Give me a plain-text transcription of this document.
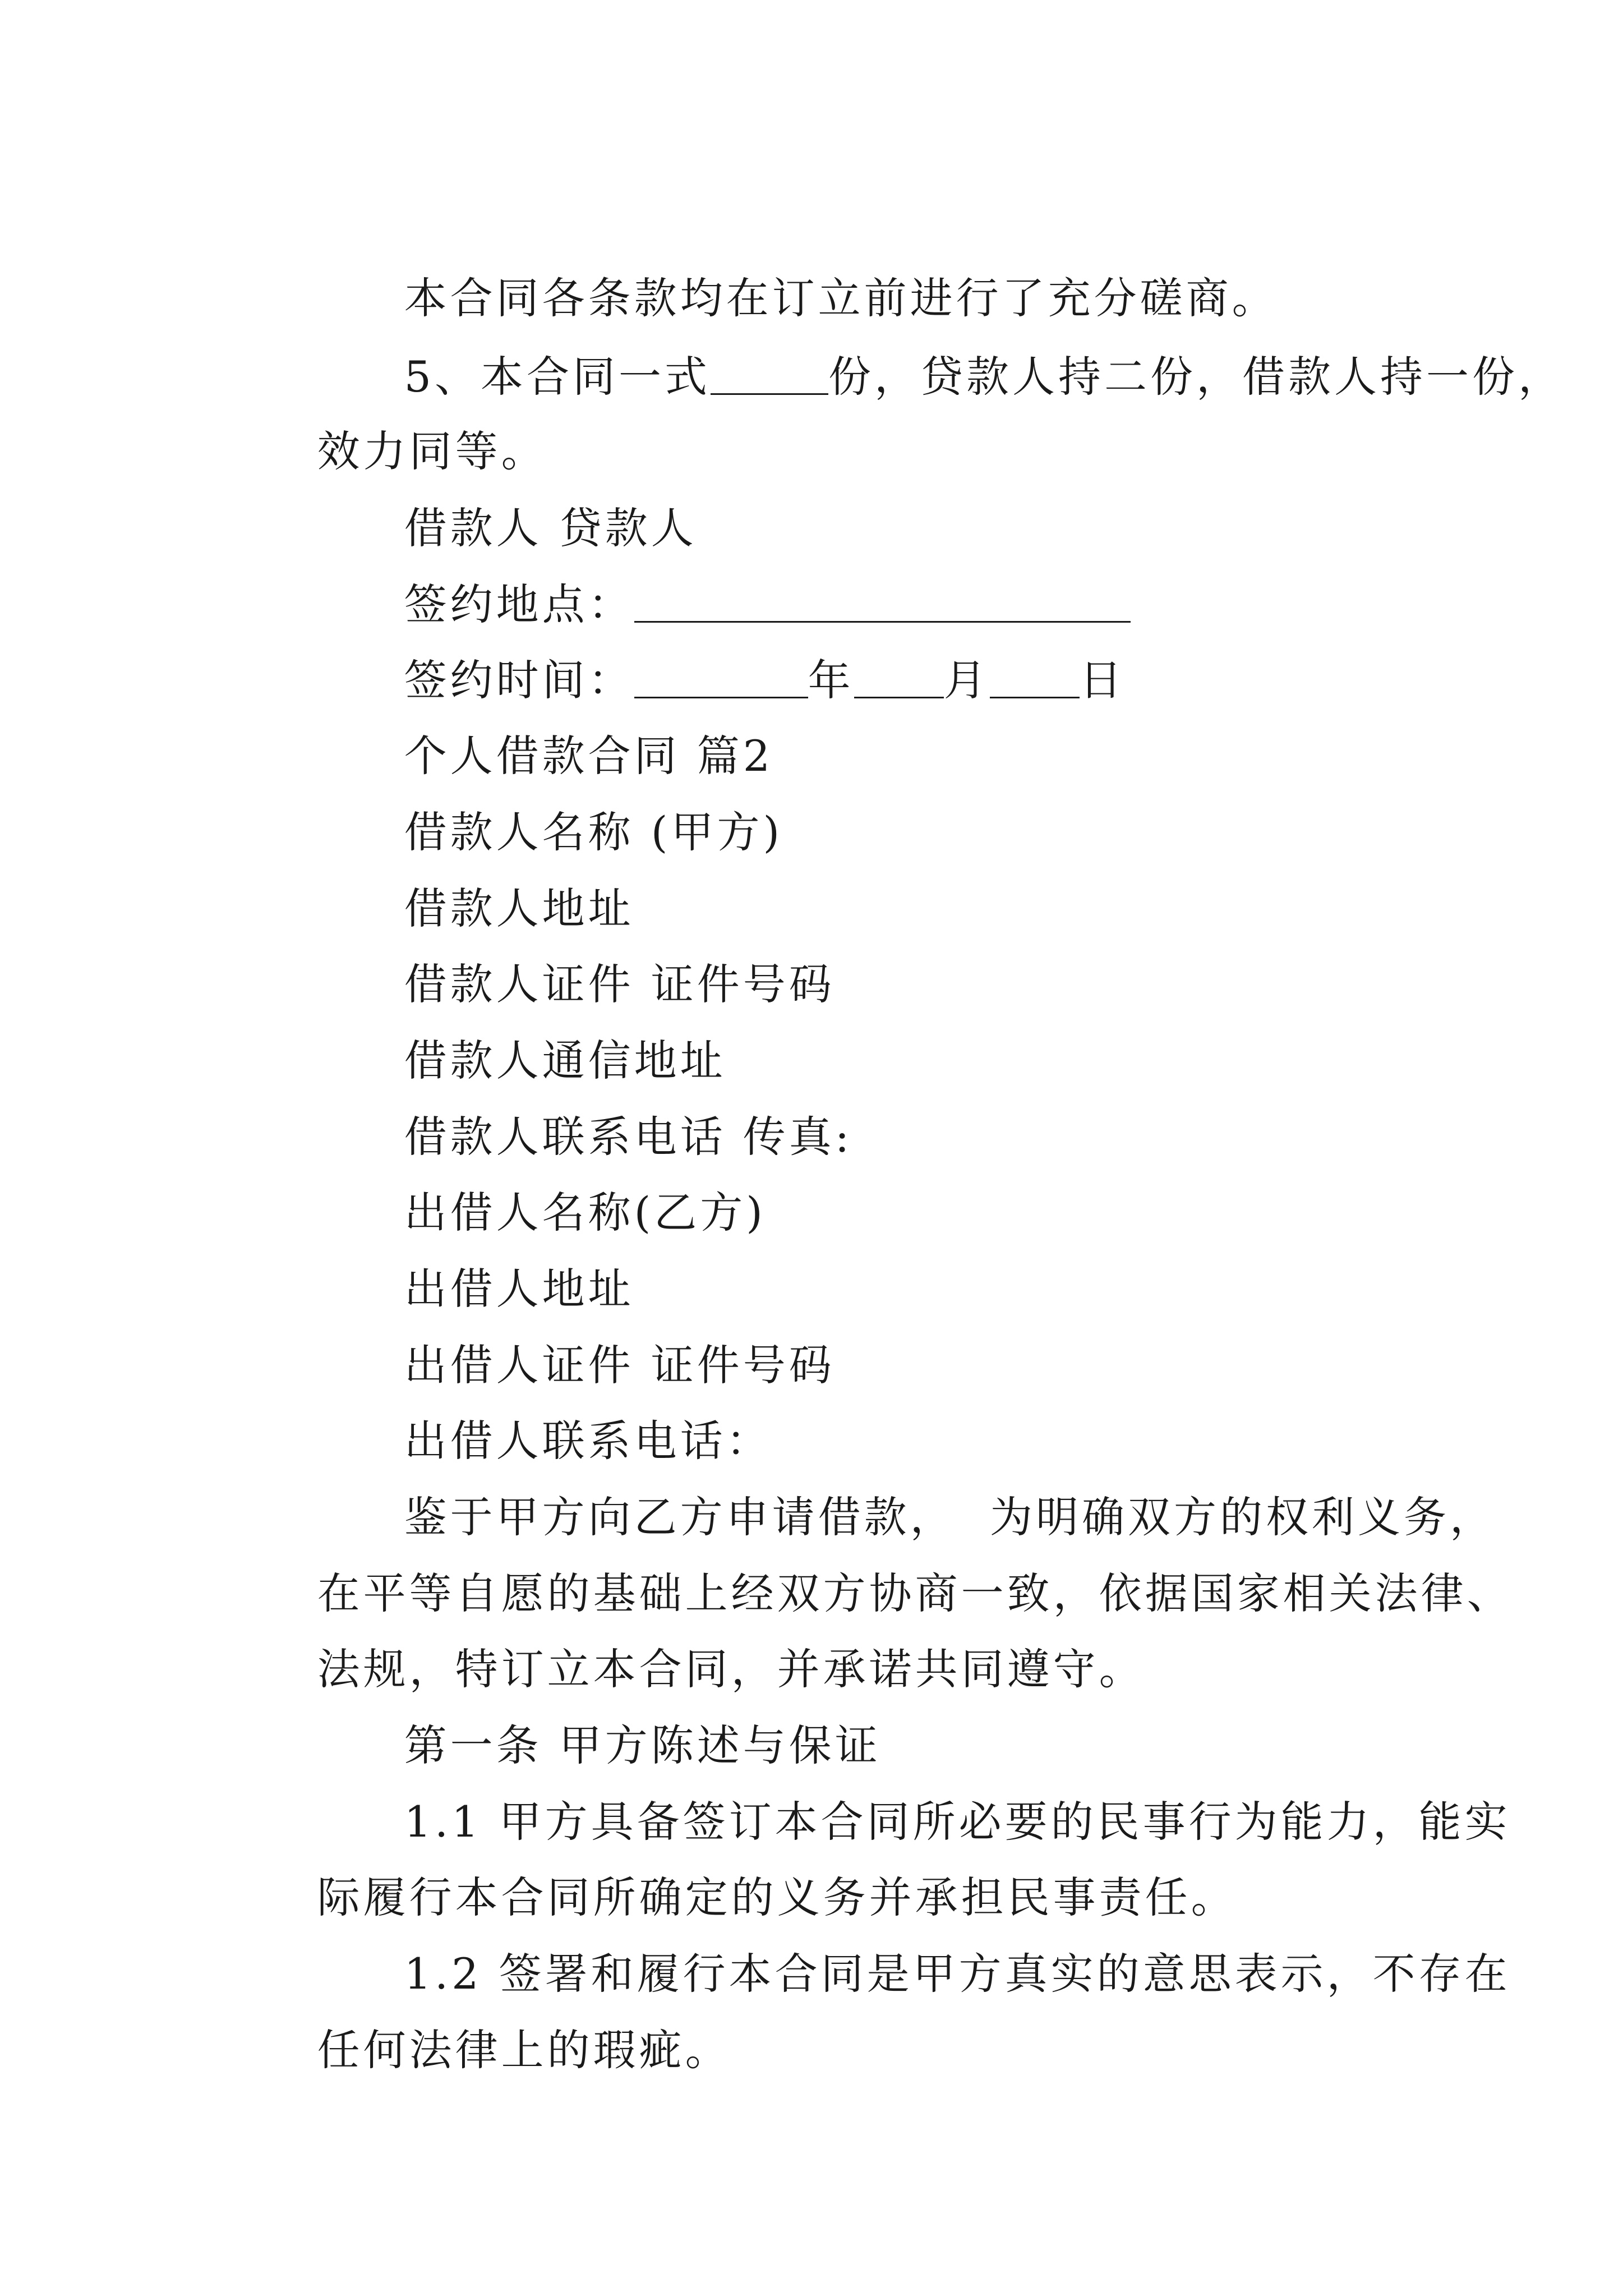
本合同各条款均在订立前进行了充分磋商。

5、本合同一式	份，贷款人持二份，借款人持一份，

效力同等。

借款人 贷款人

签约地点：

签约时间：	年 月 日

个人借款合同 篇2

借款人名称 (甲方)

借款人地址

借款人证件 证件号码

借款人通信地址

借款人联系电话 传真:

出借人名称(乙方)

出借人地址

出借人证件 证件号码

出借人联系电话：

鉴于甲方向乙方申请借款，  为明确双方的权利义务，

在平等自愿的基础上经双方协商一致，依据国家相关法律、

法规，特订立本合同，并承诺共同遵守。

第一条 甲方陈述与保证

1.1 甲方具备签订本合同所必要的民事行为能力，能实

际履行本合同所确定的义务并承担民事责任。

1.2 签署和履行本合同是甲方真实的意思表示，不存在

任何法律上的瑕疵。
